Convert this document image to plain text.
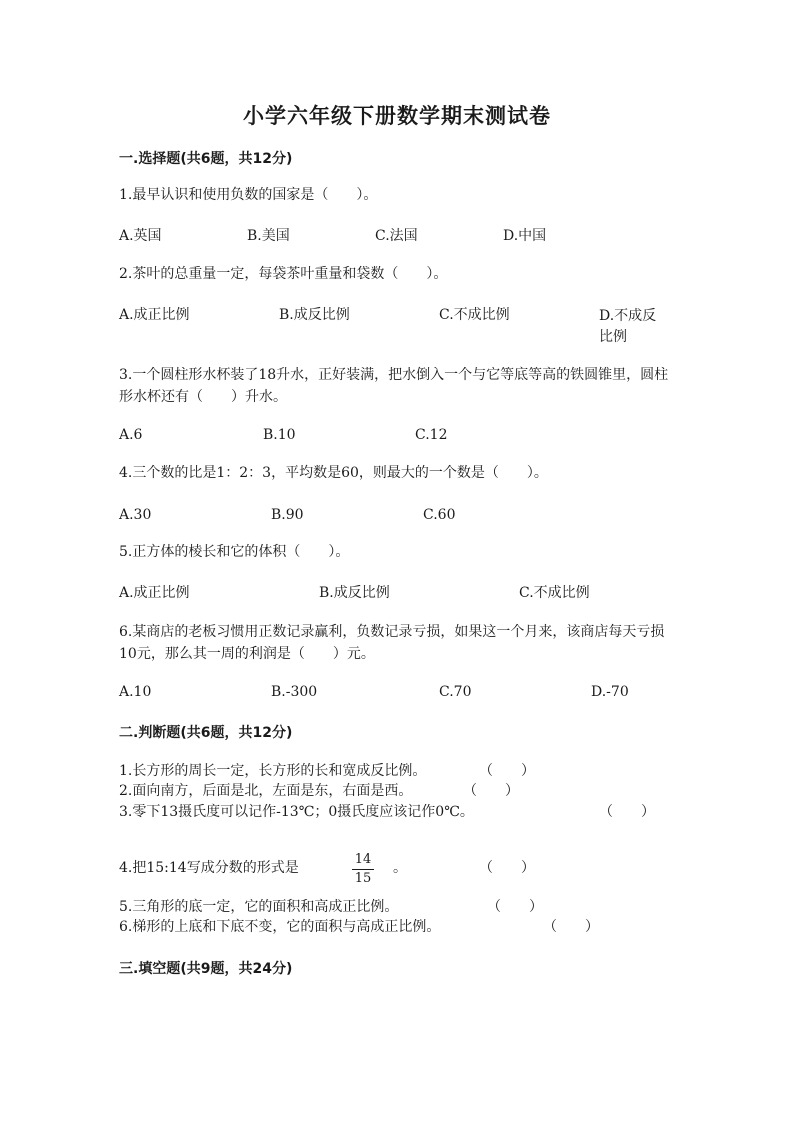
小学六年级下册数学期末测试卷
一.选择题(共6题，共12分)
1.最早认识和使用负数的国家是（　　）。
A.英国	B.美国	C.法国	D.中国
2.茶叶的总重量一定，每袋茶叶重量和袋数（　　）。
A.成正比例	B.成反比例	C.不成比例	D.不成反比例
3.一个圆柱形水杯装了18升水，正好装满，把水倒入一个与它等底等高的铁圆锥里，圆柱形水杯还有（　　）升水。
A.6	B.10	C.12
4.三个数的比是1：2：3，平均数是60，则最大的一个数是（　　）。
A.30	B.90	C.60
5.正方体的棱长和它的体积（　　）。
A.成正比例	B.成反比例	C.不成比例
6.某商店的老板习惯用正数记录赢利，负数记录亏损，如果这一个月来，该商店每天亏损10元，那么其一周的利润是（　　）元。
A.10	B.-300	C.70	D.-70
二.判断题(共6题，共12分)
1.长方形的周长一定，长方形的长和宽成反比例。	（　　）
2.面向南方，后面是北，左面是东，右面是西。	（　　）
3.零下13摄氏度可以记作-13℃；0摄氏度应该记作0℃。	（　　）
4.把15:14写成分数的形式是	$\frac{14}{15}$ 。	（　　）
5.三角形的底一定，它的面积和高成正比例。	（　　）
6.梯形的上底和下底不变，它的面积与高成正比例。	（　　）
三.填空题(共9题，共24分)
